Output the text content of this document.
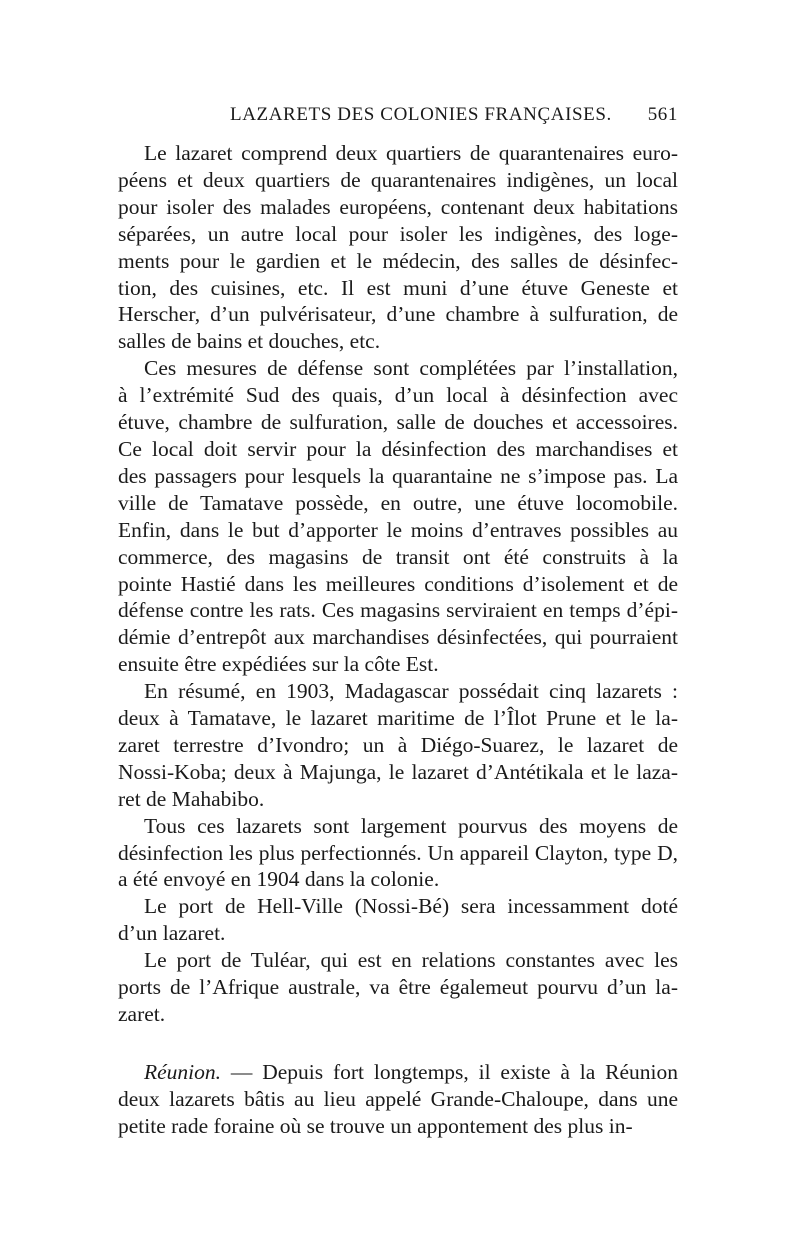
LAZARETS DES COLONIES FRANÇAISES. 561
Le lazaret comprend deux quartiers de quarantenaires euro-
péens et deux quartiers de quarantenaires indigènes, un local
pour isoler des malades européens, contenant deux habitations
séparées, un autre local pour isoler les indigènes, des loge-
ments pour le gardien et le médecin, des salles de désinfec-
tion, des cuisines, etc. Il est muni d’une étuve Geneste et
Herscher, d’un pulvérisateur, d’une chambre à sulfuration, de
salles de bains et douches, etc.
Ces mesures de défense sont complétées par l’installation,
à l’extrémité Sud des quais, d’un local à désinfection avec
étuve, chambre de sulfuration, salle de douches et accessoires.
Ce local doit servir pour la désinfection des marchandises et
des passagers pour lesquels la quarantaine ne s’impose pas. La
ville de Tamatave possède, en outre, une étuve locomobile.
Enfin, dans le but d’apporter le moins d’entraves possibles au
commerce, des magasins de transit ont été construits à la
pointe Hastié dans les meilleures conditions d’isolement et de
défense contre les rats. Ces magasins serviraient en temps d’épi-
démie d’entrepôt aux marchandises désinfectées, qui pourraient
ensuite être expédiées sur la côte Est.
En résumé, en 1903, Madagascar possédait cinq lazarets :
deux à Tamatave, le lazaret maritime de l’Îlot Prune et le la-
zaret terrestre d’Ivondro; un à Diégo-Suarez, le lazaret de
Nossi-Koba; deux à Majunga, le lazaret d’Antétikala et le laza-
ret de Mahabibo.
Tous ces lazarets sont largement pourvus des moyens de
désinfection les plus perfectionnés. Un appareil Clayton, type D,
a été envoyé en 1904 dans la colonie.
Le port de Hell-Ville (Nossi-Bé) sera incessamment doté
d’un lazaret.
Le port de Tuléar, qui est en relations constantes avec les
ports de l’Afrique australe, va être égalemeut pourvu d’un la-
zaret.
Réunion. — Depuis fort longtemps, il existe à la Réunion
deux lazarets bâtis au lieu appelé Grande-Chaloupe, dans une
petite rade foraine où se trouve un appontement des plus in-
